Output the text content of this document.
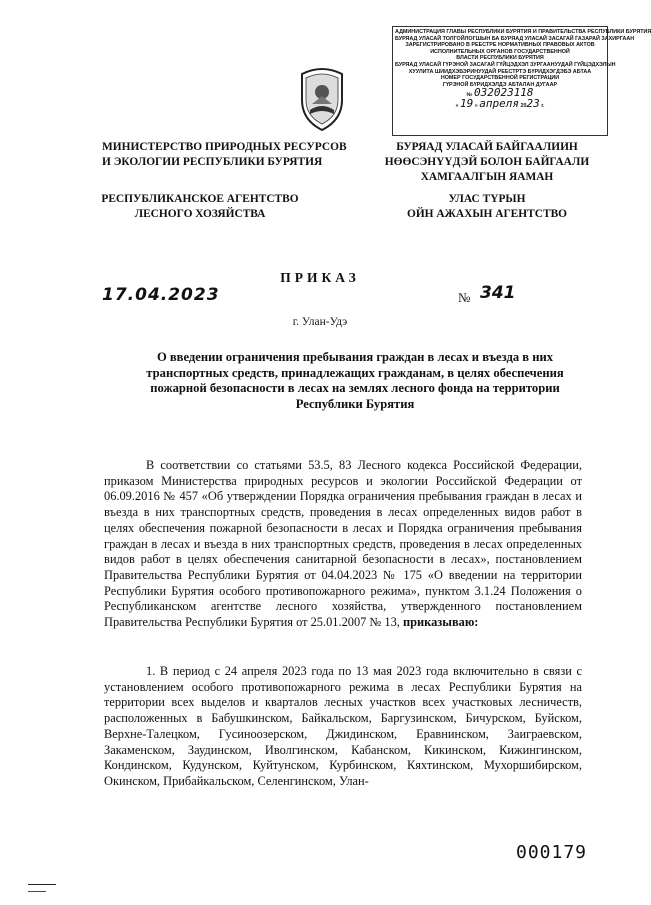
АДМИНИСТРАЦИЯ ГЛАВЫ РЕСПУБЛИКИ БУРЯТИЯ И ПРАВИТЕЛЬСТВА РЕСПУБЛИКИ БУРЯТИЯ
БУРЯАД УЛАСАЙ ТОЛГОЙЛОГШЫН БА БУРЯАД УЛАСАЙ ЗАСАГАЙ ГАЗАРАЙ ЗАХИРГААН
ЗАРЕГИСТРИРОВАНО В РЕЕСТРЕ НОРМАТИВНЫХ ПРАВОВЫХ АКТОВ
ИСПОЛНИТЕЛЬНЫХ ОРГАНОВ ГОСУДАРСТВЕННОЙ
ВЛАСТИ РЕСПУБЛИКИ БУРЯТИЯ
БУРЯАД УЛАСАЙ ГҮРЭНОЙ ЗАСАГАЙ ГҮЙЦЭДХЭЛ ЗУРГААНУУДАЙ ГҮЙЦЭДХЭЛЫН
ХУУЛИТА ШИИДХЭБЭРИНУУДАЙ РЕЕСТРТЭ БҮРИДХЭГДЭБЭ АБТАА
НОМЕР ГОСУДАРСТВЕННОЙ РЕГИСТРАЦИИ
ГҮРЭНОЙ БҮРИДХЭЛДЭ АБТАЛАН ДУГААР
№ 032023118
« 19 » апреля 2023 г.
МИНИСТЕРСТВО ПРИРОДНЫХ РЕСУРСОВ
И ЭКОЛОГИИ РЕСПУБЛИКИ БУРЯТИЯ
РЕСПУБЛИКАНСКОЕ АГЕНТСТВО
ЛЕСНОГО ХОЗЯЙСТВА
БУРЯАД УЛАСАЙ БАЙГААЛИИН
НӨӨСЭНҮҮДЭЙ БОЛОН БАЙГААЛИ
ХАМГААЛГЫН ЯАМАН
УЛАС ТҮРЫН
ОЙН АЖАХЫН АГЕНТСТВО
ПРИКАЗ
17.04.2023	№ 341
г. Улан-Удэ
О введении ограничения пребывания граждан в лесах и въезда в них транспортных средств, принадлежащих гражданам, в целях обеспечения пожарной безопасности в лесах на землях лесного фонда на территории Республики Бурятия
В соответствии со статьями 53.5, 83 Лесного кодекса Российской Федерации, приказом Министерства природных ресурсов и экологии Российской Федерации от 06.09.2016 № 457 «Об утверждении Порядка ограничения пребывания граждан в лесах и въезда в них транспортных средств, проведения в лесах определенных видов работ в целях обеспечения пожарной безопасности в лесах и Порядка ограничения пребывания граждан в лесах и въезда в них транспортных средств, проведения в лесах определенных видов работ в целях обеспечения санитарной безопасности в лесах», постановлением Правительства Республики Бурятия от 04.04.2023 № 175 «О введении на территории Республики Бурятия особого противопожарного режима», пунктом 3.1.24 Положения о Республиканском агентстве лесного хозяйства, утвержденного постановлением Правительства Республики Бурятия от 25.01.2007 № 13, приказываю:
1. В период с 24 апреля 2023 года по 13 мая 2023 года включительно в связи с установлением особого противопожарного режима в лесах Республики Бурятия на территории всех выделов и кварталов лесных участков всех участковых лесничеств, расположенных в Бабушкинском, Байкальском, Баргузинском, Бичурском, Буйском, Верхне-Талецком, Гусиноозерском, Джидинском, Еравнинском, Заиграевском, Закаменском, Заудинском, Иволгинском, Кабанском, Кикинском, Кижингинском, Кондинском, Кудунском, Куйтунском, Курбинском, Кяхтинском, Мухоршибирском, Окинском, Прибайкальском, Селенгинском, Улан-
000179
